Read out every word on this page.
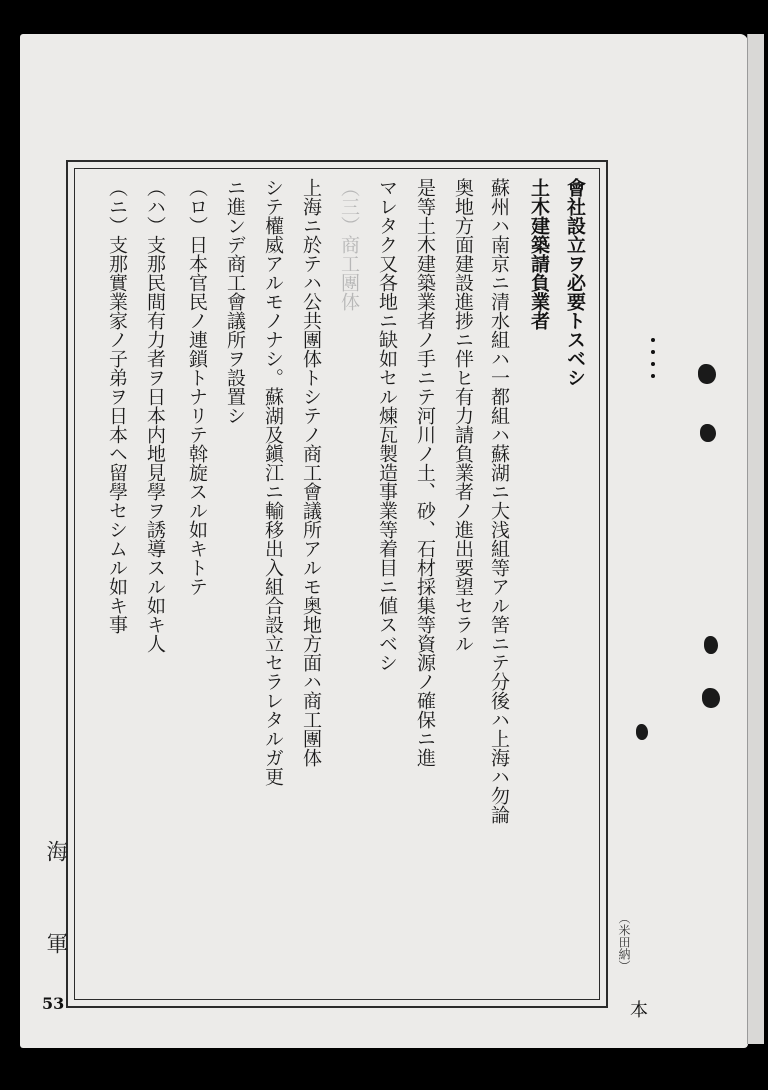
會社設立ヲ必要トスベシ
土木建築請負業者
蘇州ハ南京ニ清水組ハ一都組ハ蘇湖ニ大浅組等アル筈ニテ分後ハ上海ハ勿論
奥地方面建設進捗ニ伴ヒ有力請負業者ノ進出要望セラル
是等土木建築業者ノ手ニテ河川ノ土、砂、石材採集等資源ノ確保ニ進
マレタク又各地ニ缺如セル煉瓦製造事業等着目ニ値スベシ
（三）商工團体
上海ニ於テハ公共團体トシテノ商工會議所アルモ奥地方面ハ商工團体
シテ權威アルモノナシ。蘇湖及鎭江ニ輸移出入組合設立セラレタルガ更
ニ進ンデ商工會議所ヲ設置シ
（ロ）日本官民ノ連鎖トナリテ斡旋スル如キトテ
（ハ）支那民間有力者ヲ日本内地見學ヲ誘導スル如キ人
（ニ）支那實業家ノ子弟ヲ日本ヘ留學セシムル如キ事
海
軍
53
（米田納）
本
